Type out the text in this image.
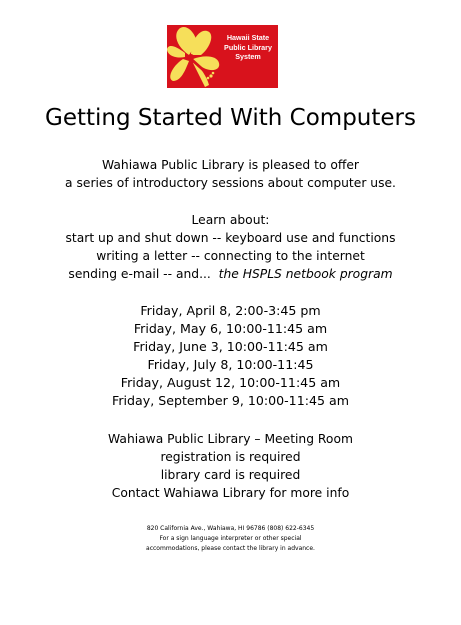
Hawaii State
Public Library
System
Getting Started With Computers
Wahiawa Public Library is pleased to offer
a series of introductory sessions about computer use.
Learn about:
start up and shut down -- keyboard use and functions
writing a letter -- connecting to the internet
sending e-mail -- and... the HSPLS netbook program
Friday, April 8, 2:00-3:45 pm
Friday, May 6, 10:00-11:45 am
Friday, June 3, 10:00-11:45 am
Friday, July 8, 10:00-11:45
Friday, August 12, 10:00-11:45 am
Friday, September 9, 10:00-11:45 am
Wahiawa Public Library – Meeting Room
registration is required
library card is required
Contact Wahiawa Library for more info
820 California Ave., Wahiawa, HI 96786 (808) 622-6345
For a sign language interpreter or other special
accommodations, please contact the library in advance.
